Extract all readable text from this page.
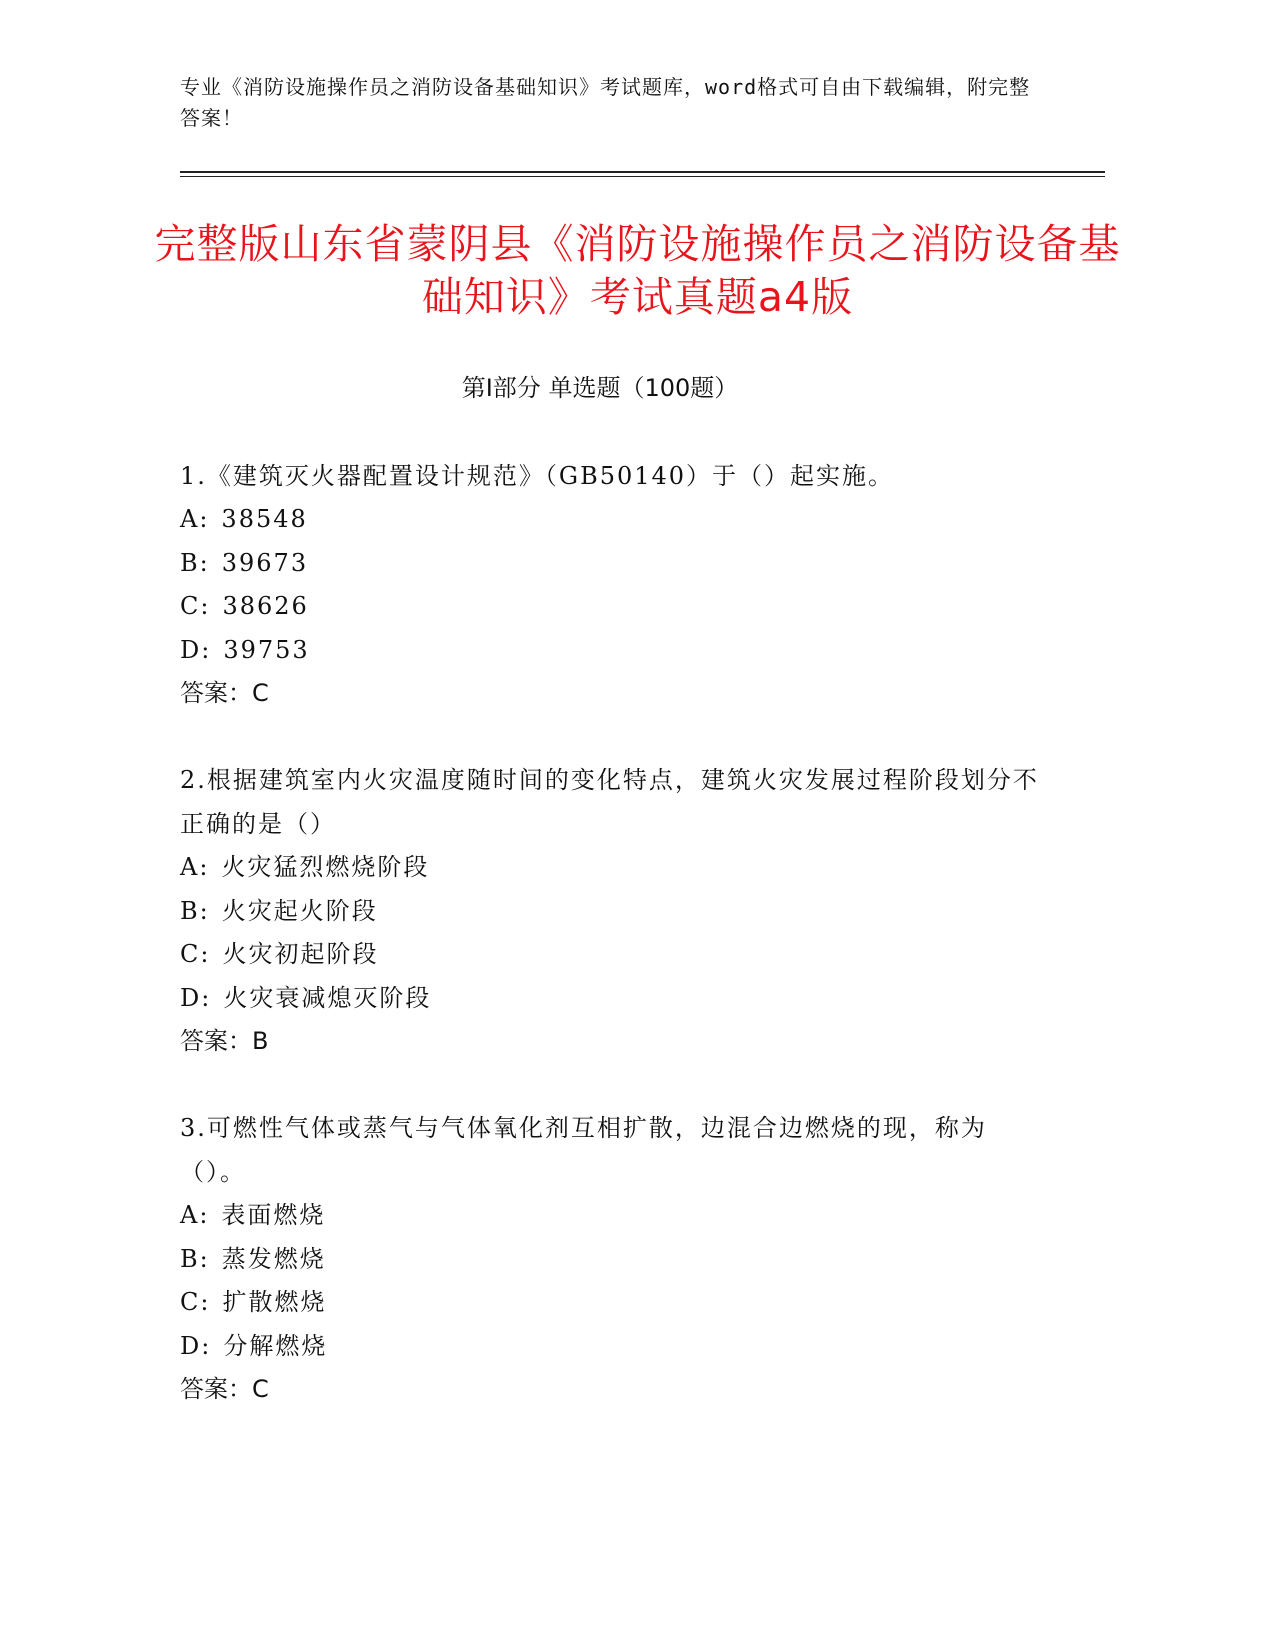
专业《消防设施操作员之消防设备基础知识》考试题库，word格式可自由下载编辑，附完整答案！
完整版山东省蒙阴县《消防设施操作员之消防设备基础知识》考试真题a4版
第Ⅰ部分 单选题（100题）

1.《建筑灭火器配置设计规范》（GB50140）于（）起实施。

A: 38548

B: 39673

C: 38626

D: 39753

答案：C

2.根据建筑室内火灾温度随时间的变化特点，建筑火灾发展过程阶段划分不正确的是（）

A: 火灾猛烈燃烧阶段

B: 火灾起火阶段

C: 火灾初起阶段

D: 火灾衰减熄灭阶段

答案：B

3.可燃性气体或蒸气与气体氧化剂互相扩散，边混合边燃烧的现，称为（）。

A: 表面燃烧

B: 蒸发燃烧

C: 扩散燃烧

D: 分解燃烧

答案：C
